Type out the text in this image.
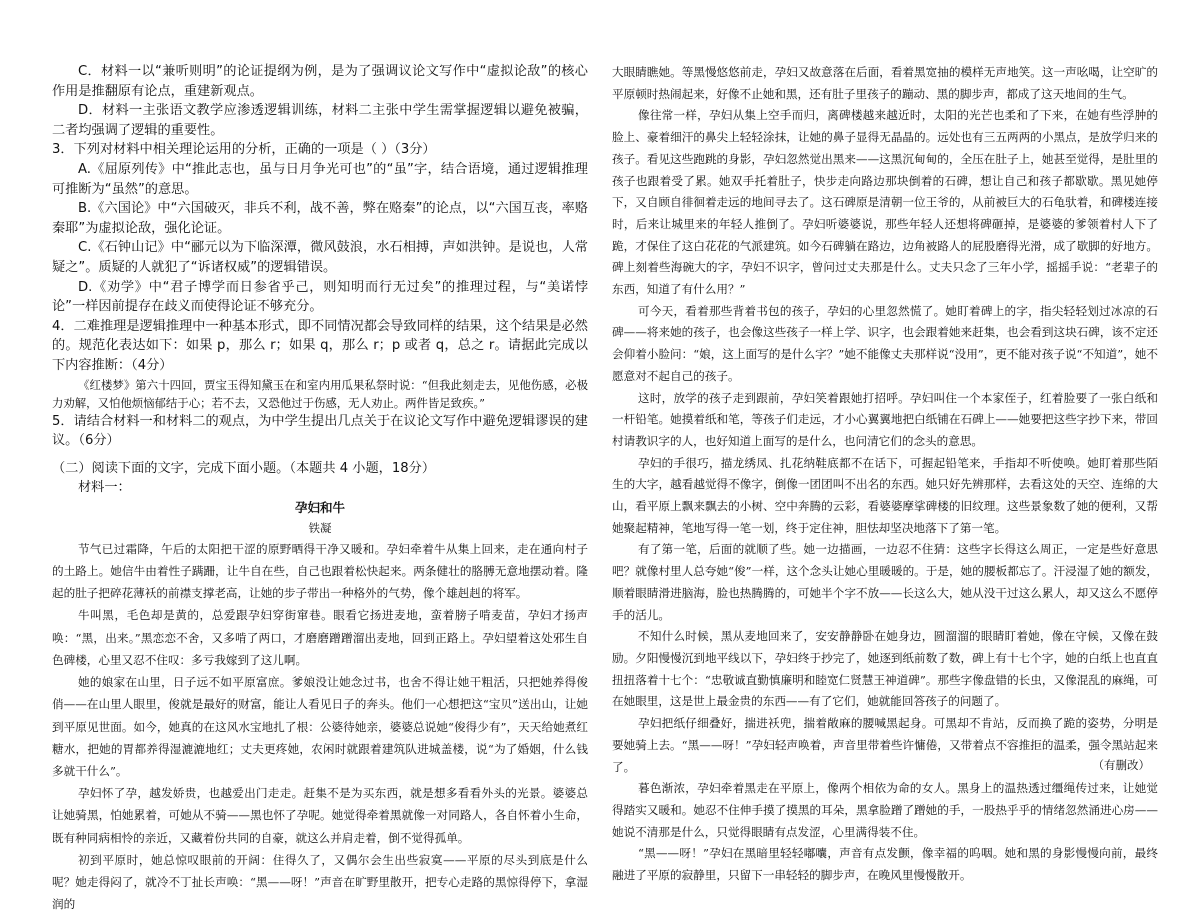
C．材料一以“兼听则明”的论证提纲为例，是为了强调议论文写作中“虚拟论敌”的核心作用是推翻原有论点，重建新观点。

D．材料一主张语文教学应渗透逻辑训练，材料二主张中学生需掌握逻辑以避免被骗，二者均强调了逻辑的重要性。

3．下列对材料中相关理论运用的分析，正确的一项是（ ）（3分）

A.《屈原列传》中“推此志也，虽与日月争光可也”的“虽”字，结合语境，通过逻辑推理可推断为“虽然”的意思。

B.《六国论》中“六国破灭，非兵不利，战不善，弊在赂秦”的论点，以“六国互丧，率赂秦耶”为虚拟论敌，强化论证。

C.《石钟山记》中“郦元以为下临深潭，微风鼓浪，水石相搏，声如洪钟。是说也，人常疑之”。质疑的人就犯了“诉诸权威”的逻辑错误。

D.《劝学》中“君子博学而日参省乎己，则知明而行无过矣”的推理过程，与“美诺悖论”一样因前提存在歧义而使得论证不够充分。

4．二难推理是逻辑推理中一种基本形式，即不同情况都会导致同样的结果，这个结果是必然的。规范化表达如下：如果 p，那么 r；如果 q，那么 r；p 或者 q，总之 r。请据此完成以下内容推断：（4分）

《红楼梦》第六十四回，贾宝玉得知黛玉在和室内用瓜果私祭时说：“但我此刻走去，见他伤感，必极力劝解，又怕他烦恼郁结于心；若不去，又恐他过于伤感，无人劝止。两件皆足致疾。”

5．请结合材料一和材料二的观点，为中学生提出几点关于在议论文写作中避免逻辑谬误的建议。（6分）

（二）阅读下面的文字，完成下面小题。（本题共 4 小题，18分）

材料一：

孕妇和牛

铁凝

节气已过霜降，午后的太阳把干涩的原野晒得干净又暖和。孕妇牵着牛从集上回来，走在通向村子的土路上。她信牛由着性子蹒跚，让牛自在些，自己也跟着松快起来。两条健壮的胳膊无意地摆动着。隆起的肚子把碎花薄袄的前襟支撑老高，让她的步子带出一种格外的气势，像个雄赳赳的将军。

牛叫黑，毛色却是黄的，总爱跟孕妇穿街窜巷。眼看它扬进麦地，蛮着膀子啃麦苗，孕妇才扬声唤：“黑，出来。”黑恋恋不舍，又多啃了两口，才磨磨蹭蹭溜出麦地，回到正路上。孕妇望着这处邪生自色碑楼，心里又忍不住叹：多亏我嫁到了这儿啊。

她的娘家在山里，日子远不如平原富庶。爹娘没让她念过书，也舍不得让她干粗活，只把她养得俊俏——在山里人眼里，俊就是最好的财富，能让人看见日子的奔头。他们一心想把这“宝贝”送出山，让她到平原见世面。如今，她真的在这风水宝地扎了根：公婆待她亲，婆婆总说她“俊得少有”，天天给她煮红糖水，把她的胃都养得湿漉漉地红；丈夫更疼她，农闲时就跟着建筑队进城盖楼，说“为了婚姻，什么钱多就干什么”。

孕妇怀了孕，越发娇贵，也越爱出门走走。赶集不是为买东西，就是想多看看外头的光景。婆婆总让她骑黑，怕她累着，可她从不骑——黑也怀了孕呢。她觉得牵着黑就像一对同路人，各自怀着小生命，既有种同病相怜的亲近，又藏着份共同的自豪，就这么并肩走着，倒不觉得孤单。

初到平原时，她总惊叹眼前的开阔：住得久了，又偶尔会生出些寂寞——平原的尽头到底是什么呢？她走得闷了，就冷不丁扯长声唤：“黑——呀！”声音在旷野里散开，把专心走路的黑惊得停下，拿湿润的

大眼睛瞧她。等黑慢悠悠前走，孕妇又故意落在后面，看着黑宽抽的模样无声地笑。这一声吆喝，让空旷的平原顿时热闹起来，好像不止她和黑，还有肚子里孩子的蹦动、黑的脚步声，都成了这天地间的生气。

像往常一样，孕妇从集上空手而归，离碑楼越来越近时，太阳的光芒也柔和了下来，在她有些浮肿的脸上、豪着细汗的鼻尖上轻轻涂抹，让她的鼻子显得无晶晶的。远处也有三五两两的小黑点，是放学归来的孩子。看见这些跑跳的身影，孕妇忽然觉出黑来——这黑沉甸甸的，全压在肚子上，她甚至觉得，是肚里的孩子也跟着受了累。她双手托着肚子，快步走向路边那块倒着的石碑，想让自己和孩子都歇歇。黑见她停下，又自顾自徘徊着走远的地间寻去了。这石碑原是清朝一位王爷的，从前被巨大的石龟驮着，和碑楼连接时，后来让城里来的年轻人推倒了。孕妇听婆婆说，那些年轻人还想将碑砸掉，是婆婆的爹领着村人下了跪，才保住了这白花花的气派建筑。如今石碑躺在路边，边角被路人的屁股磨得光滑，成了歇脚的好地方。碑上刻着些海碗大的字，孕妇不识字，曾问过丈夫那是什么。丈夫只念了三年小学，摇摇手说：“老辈子的东西，知道了有什么用？”

可今天，看着那些背着书包的孩子，孕妇的心里忽然慌了。她盯着碑上的字，指尖轻轻划过冰凉的石碑——将来她的孩子，也会像这些孩子一样上学、识字，也会跟着她来赶集，也会看到这块石碑，该不定还会仰着小脸问：“娘，这上面写的是什么字？”她不能像丈夫那样说“没用”，更不能对孩子说“不知道”，她不愿意对不起自己的孩子。

这时，放学的孩子走到跟前，孕妇笑着跟她打招呼。孕妇叫住一个本家侄子，红着脸要了一张白纸和一杆铅笔。她摸着纸和笔，等孩子们走远，才小心翼翼地把白纸铺在石碑上——她要把这些字抄下来，带回村请教识字的人，也好知道上面写的是什么，也问清它们的念头的意思。

孕妇的手很巧，描龙绣凤、扎花纳鞋底都不在话下，可握起铅笔来，手指却不听使唤。她盯着那些陌生的大字，越看越觉得不像字，倒像一团团叫不出名的东西。她只好先辨那样，去看这处的天空、连绵的大山，看平原上飘来飘去的小树、空中奔腾的云彩，看婆婆摩挲碑楼的旧纹理。这些景象数了她的便利，又帮她聚起精神，笔地写得一笔一划，终于定住神，胆怯却坚决地落下了第一笔。

有了第一笔，后面的就顺了些。她一边描画，一边忍不住猜：这些字长得这么周正，一定是些好意思吧？就像村里人总夸她“俊”一样，这个念头让她心里暖暖的。于是，她的腰板都忘了。汗浸湿了她的额发，顺着眼睛滑进脑海，脸也热腾腾的，可她半个字不放——长这么大，她从没干过这么累人，却又这么不愿停手的活儿。

不知什么时候，黑从麦地回来了，安安静静卧在她身边，圆溜溜的眼睛盯着她，像在守候，又像在鼓励。夕阳慢慢沉到地平线以下，孕妇终于抄完了，她逐到纸前数了数，碑上有十七个字，她的白纸上也直直扭扭落着十七个：“忠敬诚直勤慎廉明和睦宽仁贤慧王神道碑”。那些字像盘错的长虫，又像混乱的麻绳，可在她眼里，这是世上最金贵的东西——有了它们，她就能回答孩子的问题了。

孕妇把纸仔细叠好，揣进袄兜，揣着敞麻的腰喊黑起身。可黑却不肯站，反而换了跪的姿势，分明是要她骑上去。“黑——呀！”孕妇轻声唤着，声音里带着些许慵倦，又带着点不容推拒的温柔，强令黑站起来了。

暮色渐浓，孕妇牵着黑走在平原上，像两个相依为命的女人。黑身上的温热透过缰绳传过来，让她觉得踏实又暖和。她忍不住伸手摸了摸黑的耳朵，黑拿脸蹭了蹭她的手，一股热乎乎的情绪忽然涌进心房——她说不清那是什么，只觉得眼睛有点发涩，心里满得装不住。

“黑——呀！”孕妇在黑暗里轻轻嘟囔，声音有点发颤，像幸福的呜咽。她和黑的身影慢慢向前，最终融进了平原的寂静里，只留下一串轻轻的脚步声，在晚风里慢慢散开。

（有删改）
